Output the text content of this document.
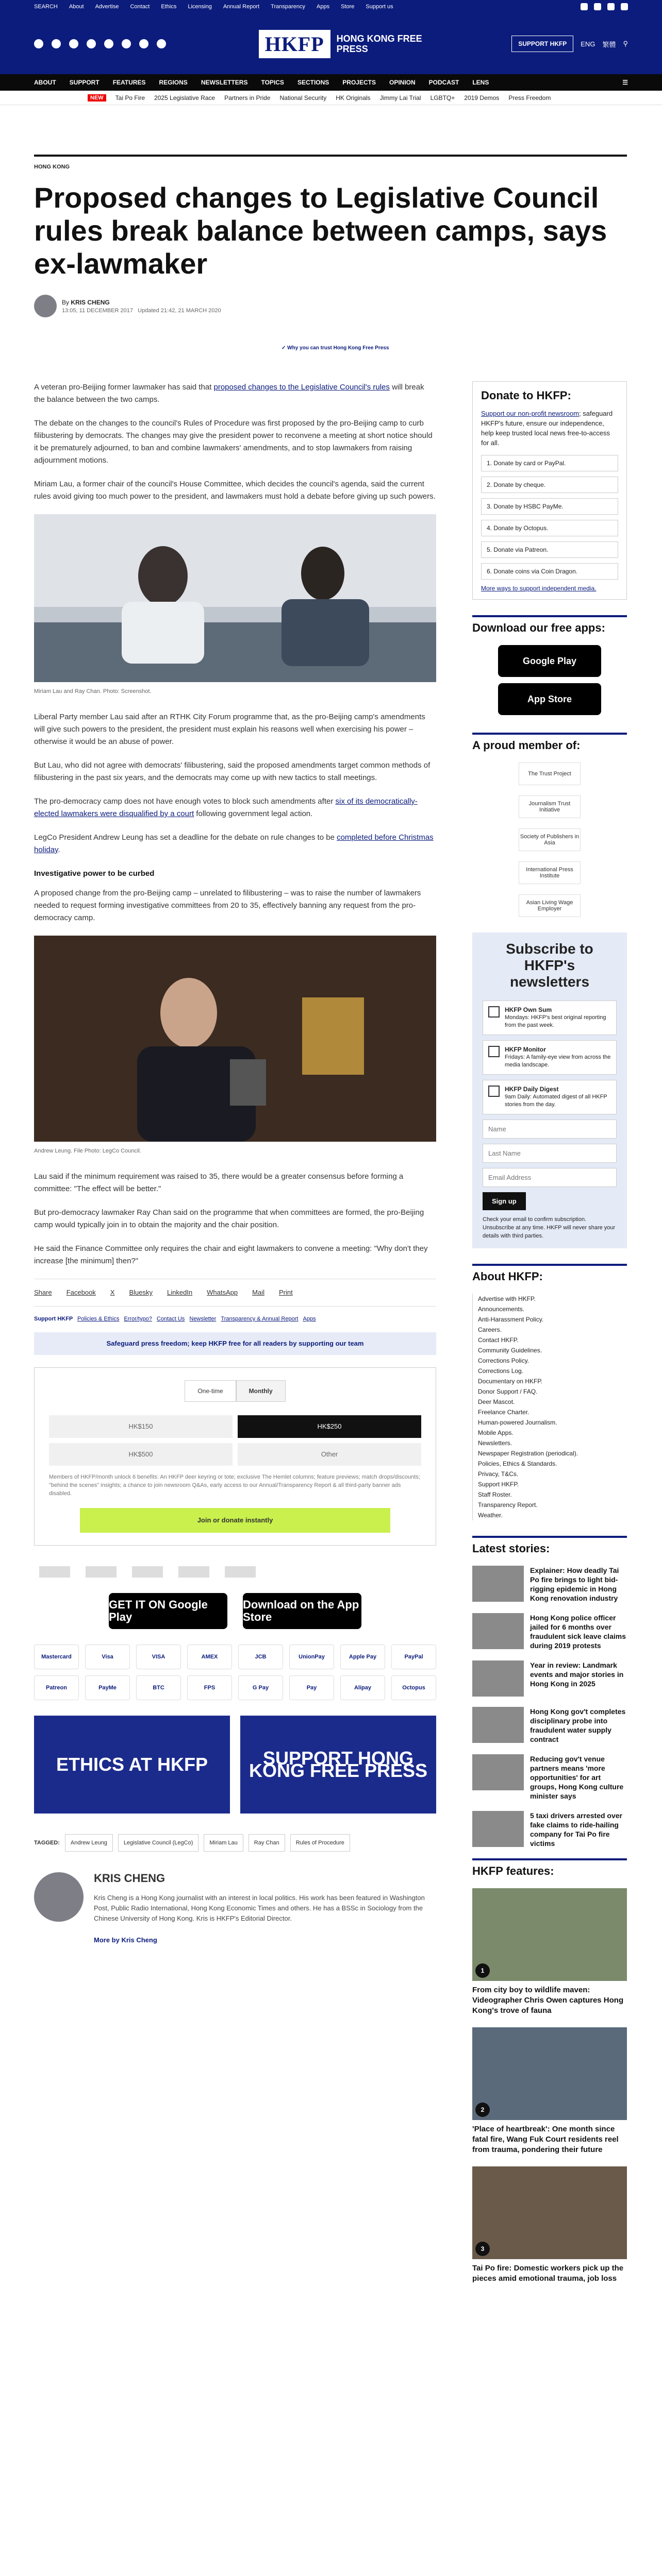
SEARCH About Advertise Contact Ethics Licensing Annual Report Transparency Apps Store Support us
HKFP	HONG KONG FREE PRESS	SUPPORT HKFP	ENG 繁體 ⚲
ABOUT SUPPORT FEATURES REGIONS NEWSLETTERS TOPICS SECTIONS PROJECTS OPINION PODCAST LENS	☰
NEW	Tai Po Fire 2025 Legislative Race Partners in Pride National Security HK Originals Jimmy Lai Trial LGBTQ+ 2019 Demos Press Freedom
HONG KONG
Proposed changes to Legislative Council rules break balance between camps, says ex-lawmaker
By KRIS CHENG
13:05, 11 DECEMBER 2017 Updated 21:42, 21 MARCH 2020
✓ Why you can trust Hong Kong Free Press

A veteran pro-Beijing former lawmaker has said that proposed changes to the Legislative Council's rules will break the balance between the two camps.

The debate on the changes to the council's Rules of Procedure was first proposed by the pro-Beijing camp to curb filibustering by democrats. The changes may give the president power to reconvene a meeting at short notice should it be prematurely adjourned, to ban and combine lawmakers' amendments, and to stop lawmakers from raising adjournment motions.

Miriam Lau, a former chair of the council's House Committee, which decides the council's agenda, said the current rules avoid giving too much power to the president, and lawmakers must hold a debate before giving up such powers.

Miriam Lau and Ray Chan. Photo: Screenshot.

Liberal Party member Lau said after an RTHK City Forum programme that, as the pro-Beijing camp's amendments will give such powers to the president, the president must explain his reasons well when exercising his power – otherwise it would be an abuse of power.

But Lau, who did not agree with democrats' filibustering, said the proposed amendments target common methods of filibustering in the past six years, and the democrats may come up with new tactics to stall meetings.

The pro-democracy camp does not have enough votes to block such amendments after six of its democratically-elected lawmakers were disqualified by a court following government legal action.

LegCo President Andrew Leung has set a deadline for the debate on rule changes to be completed before Christmas holiday.

Investigative power to be curbed

A proposed change from the pro-Beijing camp – unrelated to filibustering – was to raise the number of lawmakers needed to request forming investigative committees from 20 to 35, effectively banning any request from the pro-democracy camp.

Andrew Leung. File Photo: LegCo Council.

Lau said if the minimum requirement was raised to 35, there would be a greater consensus before forming a committee: "The effect will be better."

But pro-democracy lawmaker Ray Chan said on the programme that when committees are formed, the pro-Beijing camp would typically join in to obtain the majority and the chair position.

He said the Finance Committee only requires the chair and eight lawmakers to convene a meeting: "Why don't they increase [the minimum] then?"

Share Facebook X Bluesky LinkedIn WhatsApp Mail Print
Support HKFP Policies & Ethics Error/typo? Contact Us Newsletter Transparency & Annual Report Apps
Safeguard press freedom; keep HKFP free for all readers by supporting our team
One-time	Monthly
HK$150	HK$250
HK$500	Other
Members of HKFP/month unlock 6 benefits: An HKFP deer keyring or tote; exclusive The Hemlet columns; feature previews; match drops/discounts; "behind the scenes" insights; a chance to join newsroom Q&As, early access to our Annual/Transparency Report & all third-party banner ads disabled.
Join or donate instantly
GET IT ON Google Play
Download on the App Store
Mastercard	Visa	VISA	AMEX	JCB	UnionPay	Apple Pay	PayPal
Patreon	PayMe	BTC	FPS	G Pay	Pay	Alipay	Octopus
ETHICS AT HKFP	SUPPORT HONG KONG FREE PRESS
TAGGED:	Andrew Leung	Legislative Council (LegCo)	Miriam Lau	Ray Chan	Rules of Procedure
KRIS CHENG

Kris Cheng is a Hong Kong journalist with an interest in local politics. His work has been featured in Washington Post, Public Radio International, Hong Kong Economic Times and others. He has a BSSc in Sociology from the Chinese University of Hong Kong. Kris is HKFP's Editorial Director.

More by Kris Cheng

Donate to HKFP:

Support our non-profit newsroom; safeguard HKFP's future, ensure our independence, help keep trusted local news free-to-access for all.

1. Donate by card or PayPal.
2. Donate by cheque.
3. Donate by HSBC PayMe.
4. Donate by Octopus.
5. Donate via Patreon.
6. Donate coins via Coin Dragon.
More ways to support independent media.
Download our free apps:
Google Play
App Store
A proud member of:
The Trust Project
Journalism Trust Initiative
Society of Publishers in Asia
International Press Institute
Asian Living Wage Employer
Subscribe to HKFP's newsletters
HKFP Own Sum
Mondays: HKFP's best original reporting from the past week.
HKFP Monitor
Fridays: A family-eye view from across the media landscape.
HKFP Daily Digest
9am Daily: Automated digest of all HKFP stories from the day.
Name
Last Name
Email Address Sign up
Check your email to confirm subscription. Unsubscribe at any time. HKFP will never share your details with third parties.
About HKFP:
Advertise with HKFP.
Announcements.
Anti-Harassment Policy.
Careers.
Contact HKFP.
Community Guidelines.
Corrections Policy.
Corrections Log.
Documentary on HKFP.
Donor Support / FAQ.
Deer Mascot.
Freelance Charter.
Human-powered Journalism.
Mobile Apps.
Newsletters.
Newspaper Registration (periodical).
Policies, Ethics & Standards.
Privacy, T&Cs.
Support HKFP.
Staff Roster.
Transparency Report.
Weather.
Latest stories:
Explainer: How deadly Tai Po fire brings to light bid-rigging epidemic in Hong Kong renovation industry
Hong Kong police officer jailed for 6 months over fraudulent sick leave claims during 2019 protests
Year in review: Landmark events and major stories in Hong Kong in 2025
Hong Kong gov't completes disciplinary probe into fraudulent water supply contract
Reducing gov't venue partners means 'more opportunities' for art groups, Hong Kong culture minister says
5 taxi drivers arrested over fake claims to ride-hailing company for Tai Po fire victims
HKFP features:
1
From city boy to wildlife maven: Videographer Chris Owen captures Hong Kong's trove of fauna
2
'Place of heartbreak': One month since fatal fire, Wang Fuk Court residents reel from trauma, pondering their future
3
Tai Po fire: Domestic workers pick up the pieces amid emotional trauma, job loss
